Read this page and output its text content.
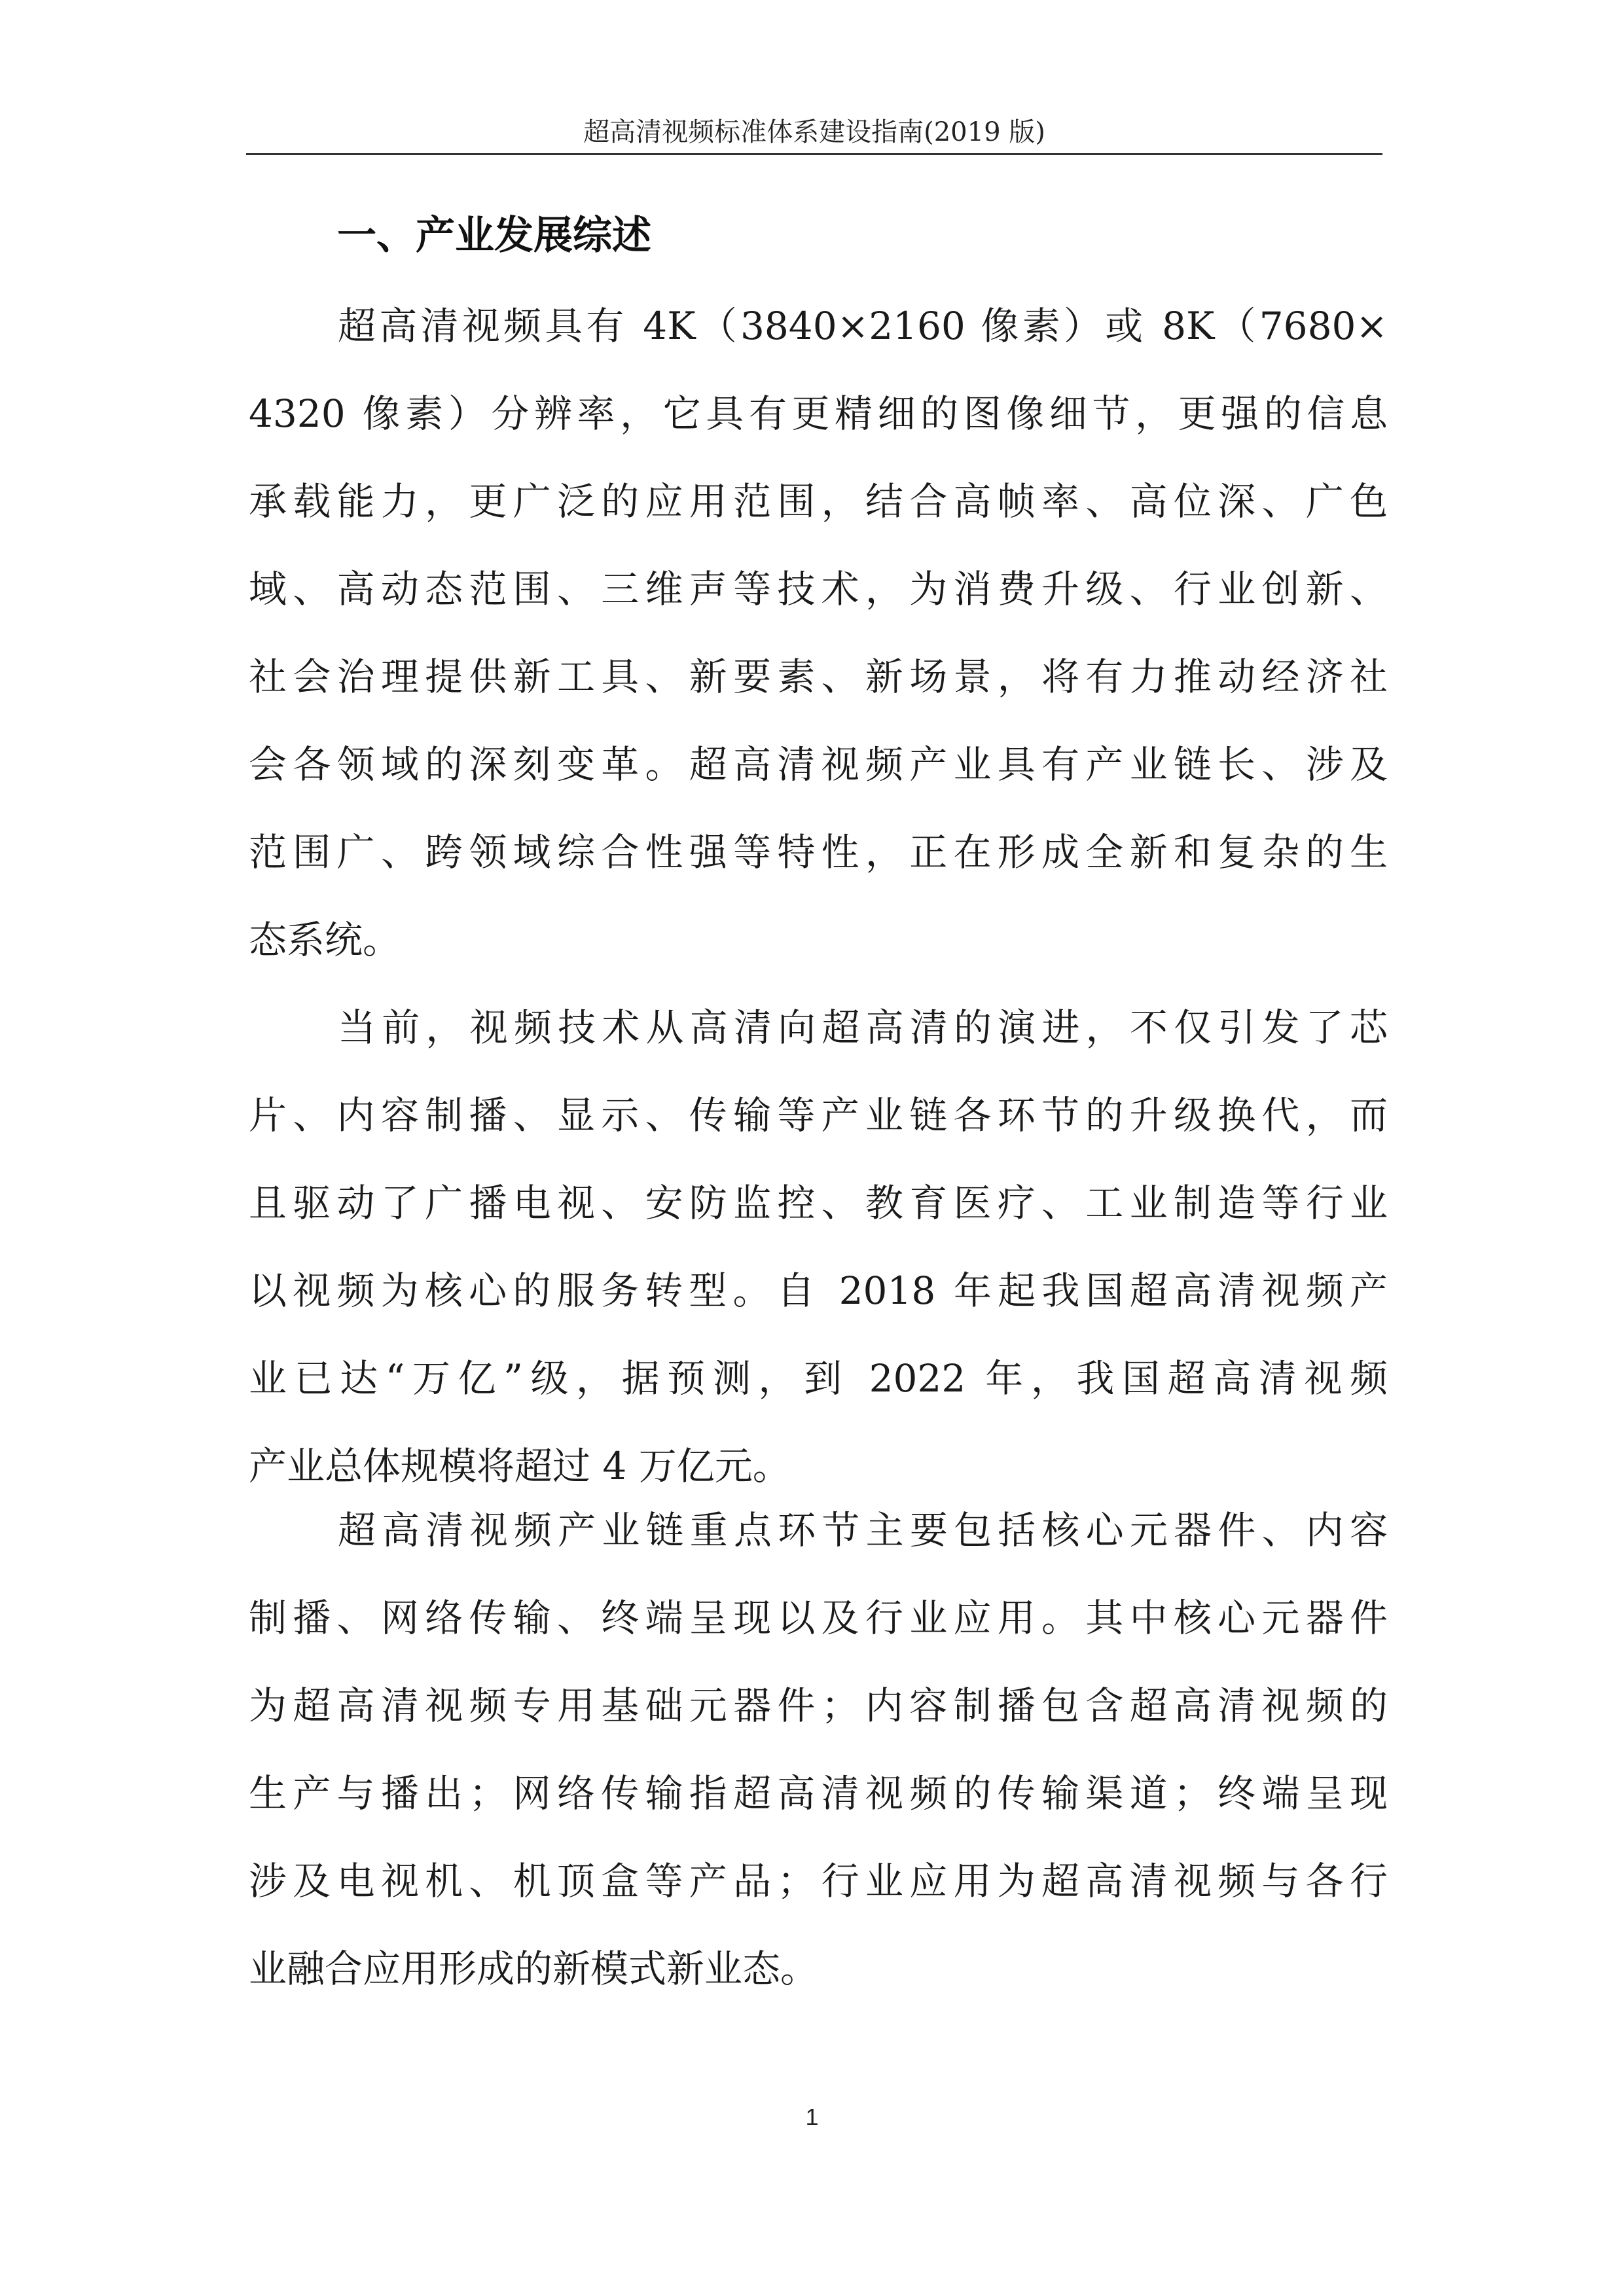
超高清视频标准体系建设指南(2019 版)
一、产业发展综述

超高清视频具有 4K（3840×2160 像素）或 8K（7680×
4320 像素）分辨率，它具有更精细的图像细节，更强的信息
承载能力，更广泛的应用范围，结合高帧率、高位深、广色
域、高动态范围、三维声等技术，为消费升级、行业创新、
社会治理提供新工具、新要素、新场景，将有力推动经济社
会各领域的深刻变革。超高清视频产业具有产业链长、涉及
范围广、跨领域综合性强等特性，正在形成全新和复杂的生
态系统。

当前，视频技术从高清向超高清的演进，不仅引发了芯
片、内容制播、显示、传输等产业链各环节的升级换代，而
且驱动了广播电视、安防监控、教育医疗、工业制造等行业
以视频为核心的服务转型。自 2018 年起我国超高清视频产
业已达“万亿”级，据预测，到 2022 年，我国超高清视频
产业总体规模将超过 4 万亿元。

超高清视频产业链重点环节主要包括核心元器件、内容
制播、网络传输、终端呈现以及行业应用。其中核心元器件
为超高清视频专用基础元器件；内容制播包含超高清视频的
生产与播出；网络传输指超高清视频的传输渠道；终端呈现
涉及电视机、机顶盒等产品；行业应用为超高清视频与各行
业融合应用形成的新模式新业态。

1
